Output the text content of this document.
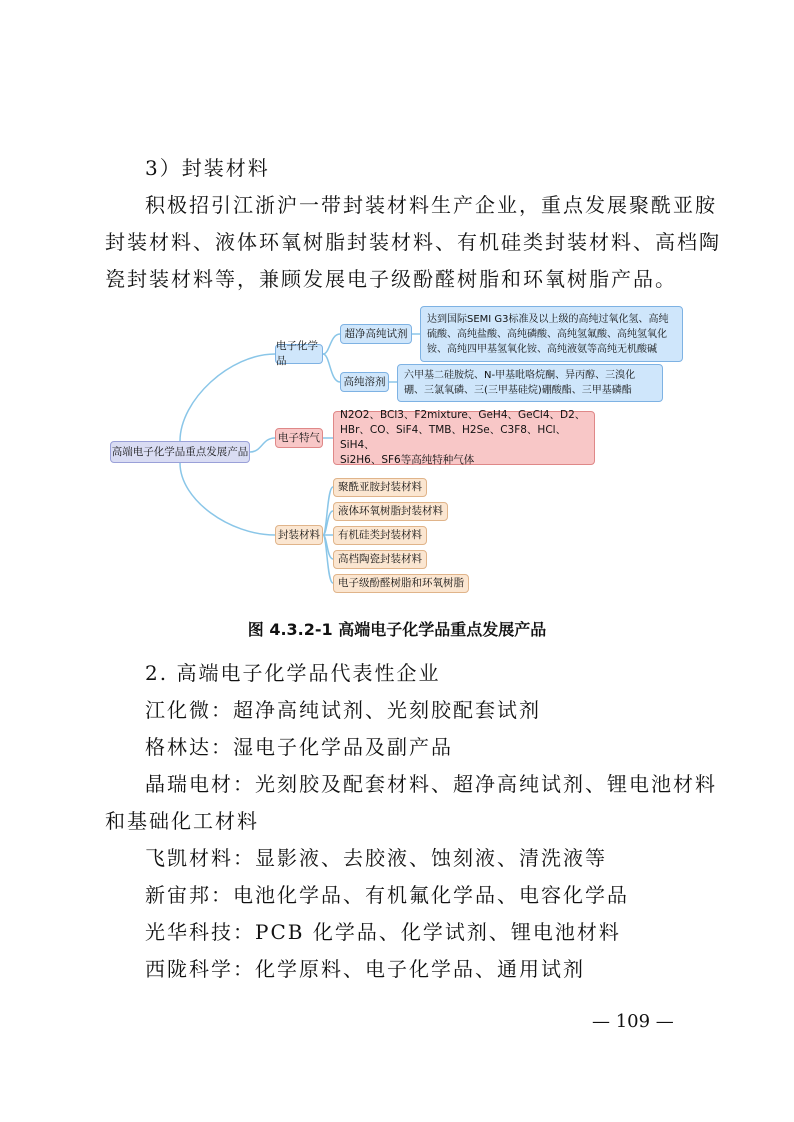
3）封装材料
积极招引江浙沪一带封装材料生产企业，重点发展聚酰亚胺
封装材料、液体环氧树脂封装材料、有机硅类封装材料、高档陶
瓷封装材料等，兼顾发展电子级酚醛树脂和环氧树脂产品。
高端电子化学品重点发展产品
电子化学品
超净高纯试剂
达到国际SEMI G3标准及以上级的高纯过氧化氢、高纯
硫酸、高纯盐酸、高纯磷酸、高纯氢氟酸、高纯氢氧化
铵、高纯四甲基氢氧化铵、高纯液氨等高纯无机酸碱
高纯溶剂	六甲基二硅胺烷、N-甲基吡咯烷酮、异丙醇、三溴化
硼、三氯氧磷、三(三甲基硅烷)硼酸酯、三甲基磷酯
电子特气
N2O2、BCl3、F2mixture、GeH4、GeCl4、D2、
HBr、CO、SiF4、TMB、H2Se、C3F8、HCl、SiH4、
Si2H6、SF6等高纯特种气体
封装材料
聚酰亚胺封装材料
液体环氧树脂封装材料
有机硅类封装材料
高档陶瓷封装材料
电子级酚醛树脂和环氧树脂
图 4.3.2-1 高端电子化学品重点发展产品
2. 高端电子化学品代表性企业
江化微：超净高纯试剂、光刻胶配套试剂
格林达：湿电子化学品及副产品
晶瑞电材：光刻胶及配套材料、超净高纯试剂、锂电池材料
和基础化工材料
飞凯材料：显影液、去胶液、蚀刻液、清洗液等
新宙邦：电池化学品、有机氟化学品、电容化学品
光华科技：PCB 化学品、化学试剂、锂电池材料
西陇科学：化学原料、电子化学品、通用试剂
— 109 —
